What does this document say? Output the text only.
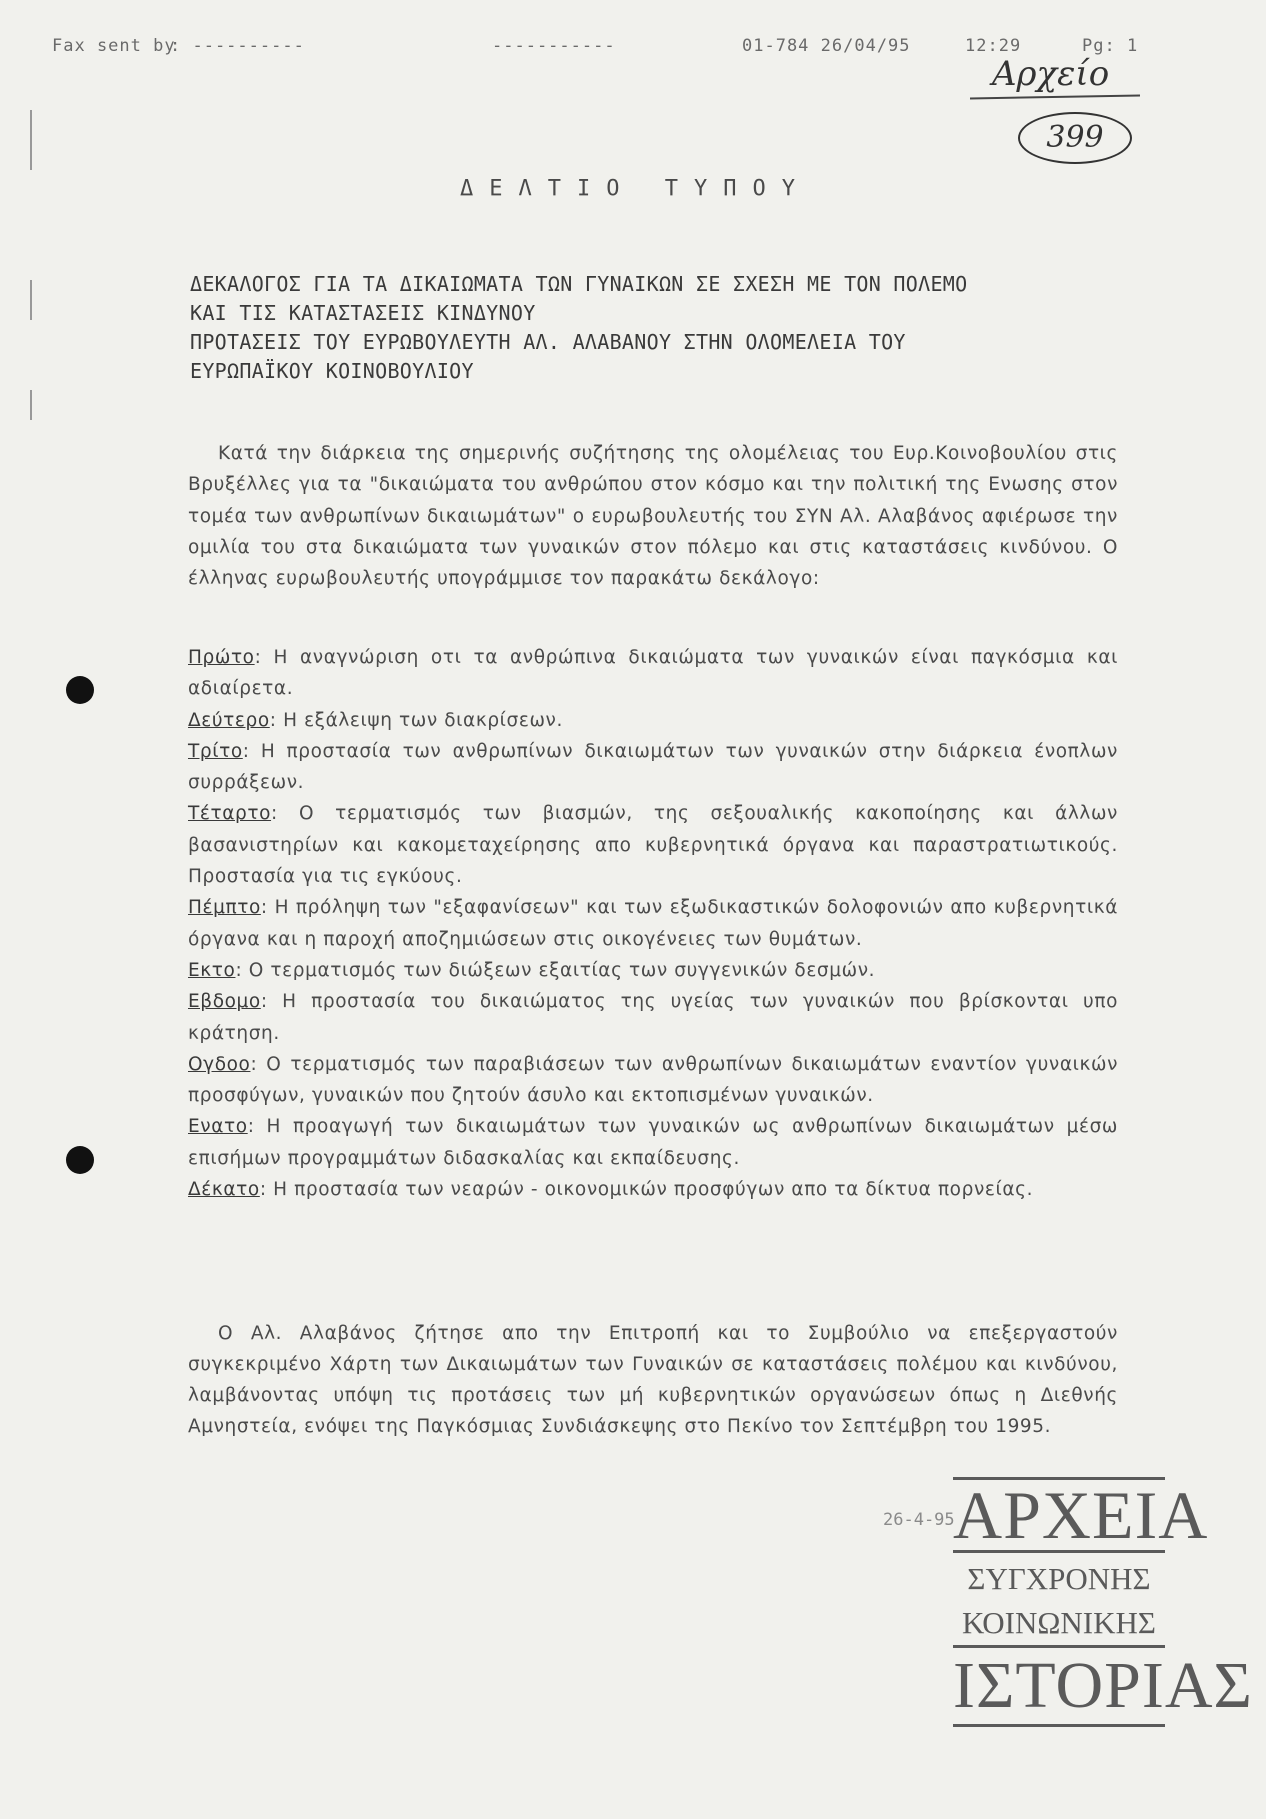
Fax sent by
: ----------	-----------	01-784 26/04/95	12:29	Pg: 1
Αρχείο
399
ΔΕΛΤΙΟ ΤΥΠΟΥ
ΔΕΚΑΛΟΓΟΣ ΓΙΑ ΤΑ ΔΙΚΑΙΩΜΑΤΑ ΤΩΝ ΓΥΝΑΙΚΩΝ ΣΕ ΣΧΕΣΗ ΜΕ ΤΟΝ ΠΟΛΕΜΟ
ΚΑΙ ΤΙΣ ΚΑΤΑΣΤΑΣΕΙΣ ΚΙΝΔΥΝΟΥ
ΠΡΟΤΑΣΕΙΣ ΤΟΥ ΕΥΡΩΒΟΥΛΕΥΤΗ ΑΛ. ΑΛΑΒΑΝΟΥ ΣΤΗΝ ΟΛΟΜΕΛΕΙΑ ΤΟΥ
ΕΥΡΩΠΑΪΚΟΥ ΚΟΙΝΟΒΟΥΛΙΟΥ
Κατά την διάρκεια της σημερινής συζήτησης της ολομέλειας του Ευρ.Κοινοβουλίου στις Βρυξέλλες για τα "δικαιώματα του ανθρώπου στον κόσμο και την πολιτική της Ενωσης στον τομέα των ανθρωπίνων δικαιωμάτων" ο ευρωβουλευτής του ΣΥΝ Αλ. Αλαβάνος αφιέρωσε την ομιλία του στα δικαιώματα των γυναικών στον πόλεμο και στις καταστάσεις κινδύνου. Ο έλληνας ευρωβουλευτής υπογράμμισε τον παρακάτω δεκάλογο:
Πρώτο: Η αναγνώριση οτι τα ανθρώπινα δικαιώματα των γυναικών είναι παγκόσμια και αδιαίρετα.
Δεύτερο: Η εξάλειψη των διακρίσεων.
Τρίτο: Η προστασία των ανθρωπίνων δικαιωμάτων των γυναικών στην διάρκεια ένοπλων συρράξεων.
Τέταρτο: Ο τερματισμός των βιασμών, της σεξουαλικής κακοποίησης και άλλων βασανιστηρίων και κακομεταχείρησης απο κυβερνητικά όργανα και παραστρατιωτικούς. Προστασία για τις εγκύους.
Πέμπτο: Η πρόληψη των "εξαφανίσεων" και των εξωδικαστικών δολοφονιών απο κυβερνητικά όργανα και η παροχή αποζημιώσεων στις οικογένειες των θυμάτων.
Εκτο: Ο τερματισμός των διώξεων εξαιτίας των συγγενικών δεσμών.
Εβδομο: Η προστασία του δικαιώματος της υγείας των γυναικών που βρίσκονται υπο κράτηση.
Ογδοο: Ο τερματισμός των παραβιάσεων των ανθρωπίνων δικαιωμάτων εναντίον γυναικών προσφύγων, γυναικών που ζητούν άσυλο και εκτοπισμένων γυναικών.
Ενατο: Η προαγωγή των δικαιωμάτων των γυναικών ως ανθρωπίνων δικαιωμάτων μέσω επισήμων προγραμμάτων διδασκαλίας και εκπαίδευσης.
Δέκατο: Η προστασία των νεαρών - οικονομικών προσφύγων απο τα δίκτυα πορνείας.
Ο Αλ. Αλαβάνος ζήτησε απο την Επιτροπή και το Συμβούλιο να επεξεργαστούν συγκεκριμένο Χάρτη των Δικαιωμάτων των Γυναικών σε καταστάσεις πολέμου και κινδύνου, λαμβάνοντας υπόψη τις προτάσεις των μή κυβερνητικών οργανώσεων όπως η Διεθνής Αμνηστεία, ενόψει της Παγκόσμιας Συνδιάσκεψης στο Πεκίνο τον Σεπτέμβρη του 1995.
26-4-95
ΑΡΧΕΙΑ
ΣΥΓΧΡΟΝΗΣ
ΚΟΙΝΩΝΙΚΗΣ
ΙΣΤΟΡΙΑΣ
